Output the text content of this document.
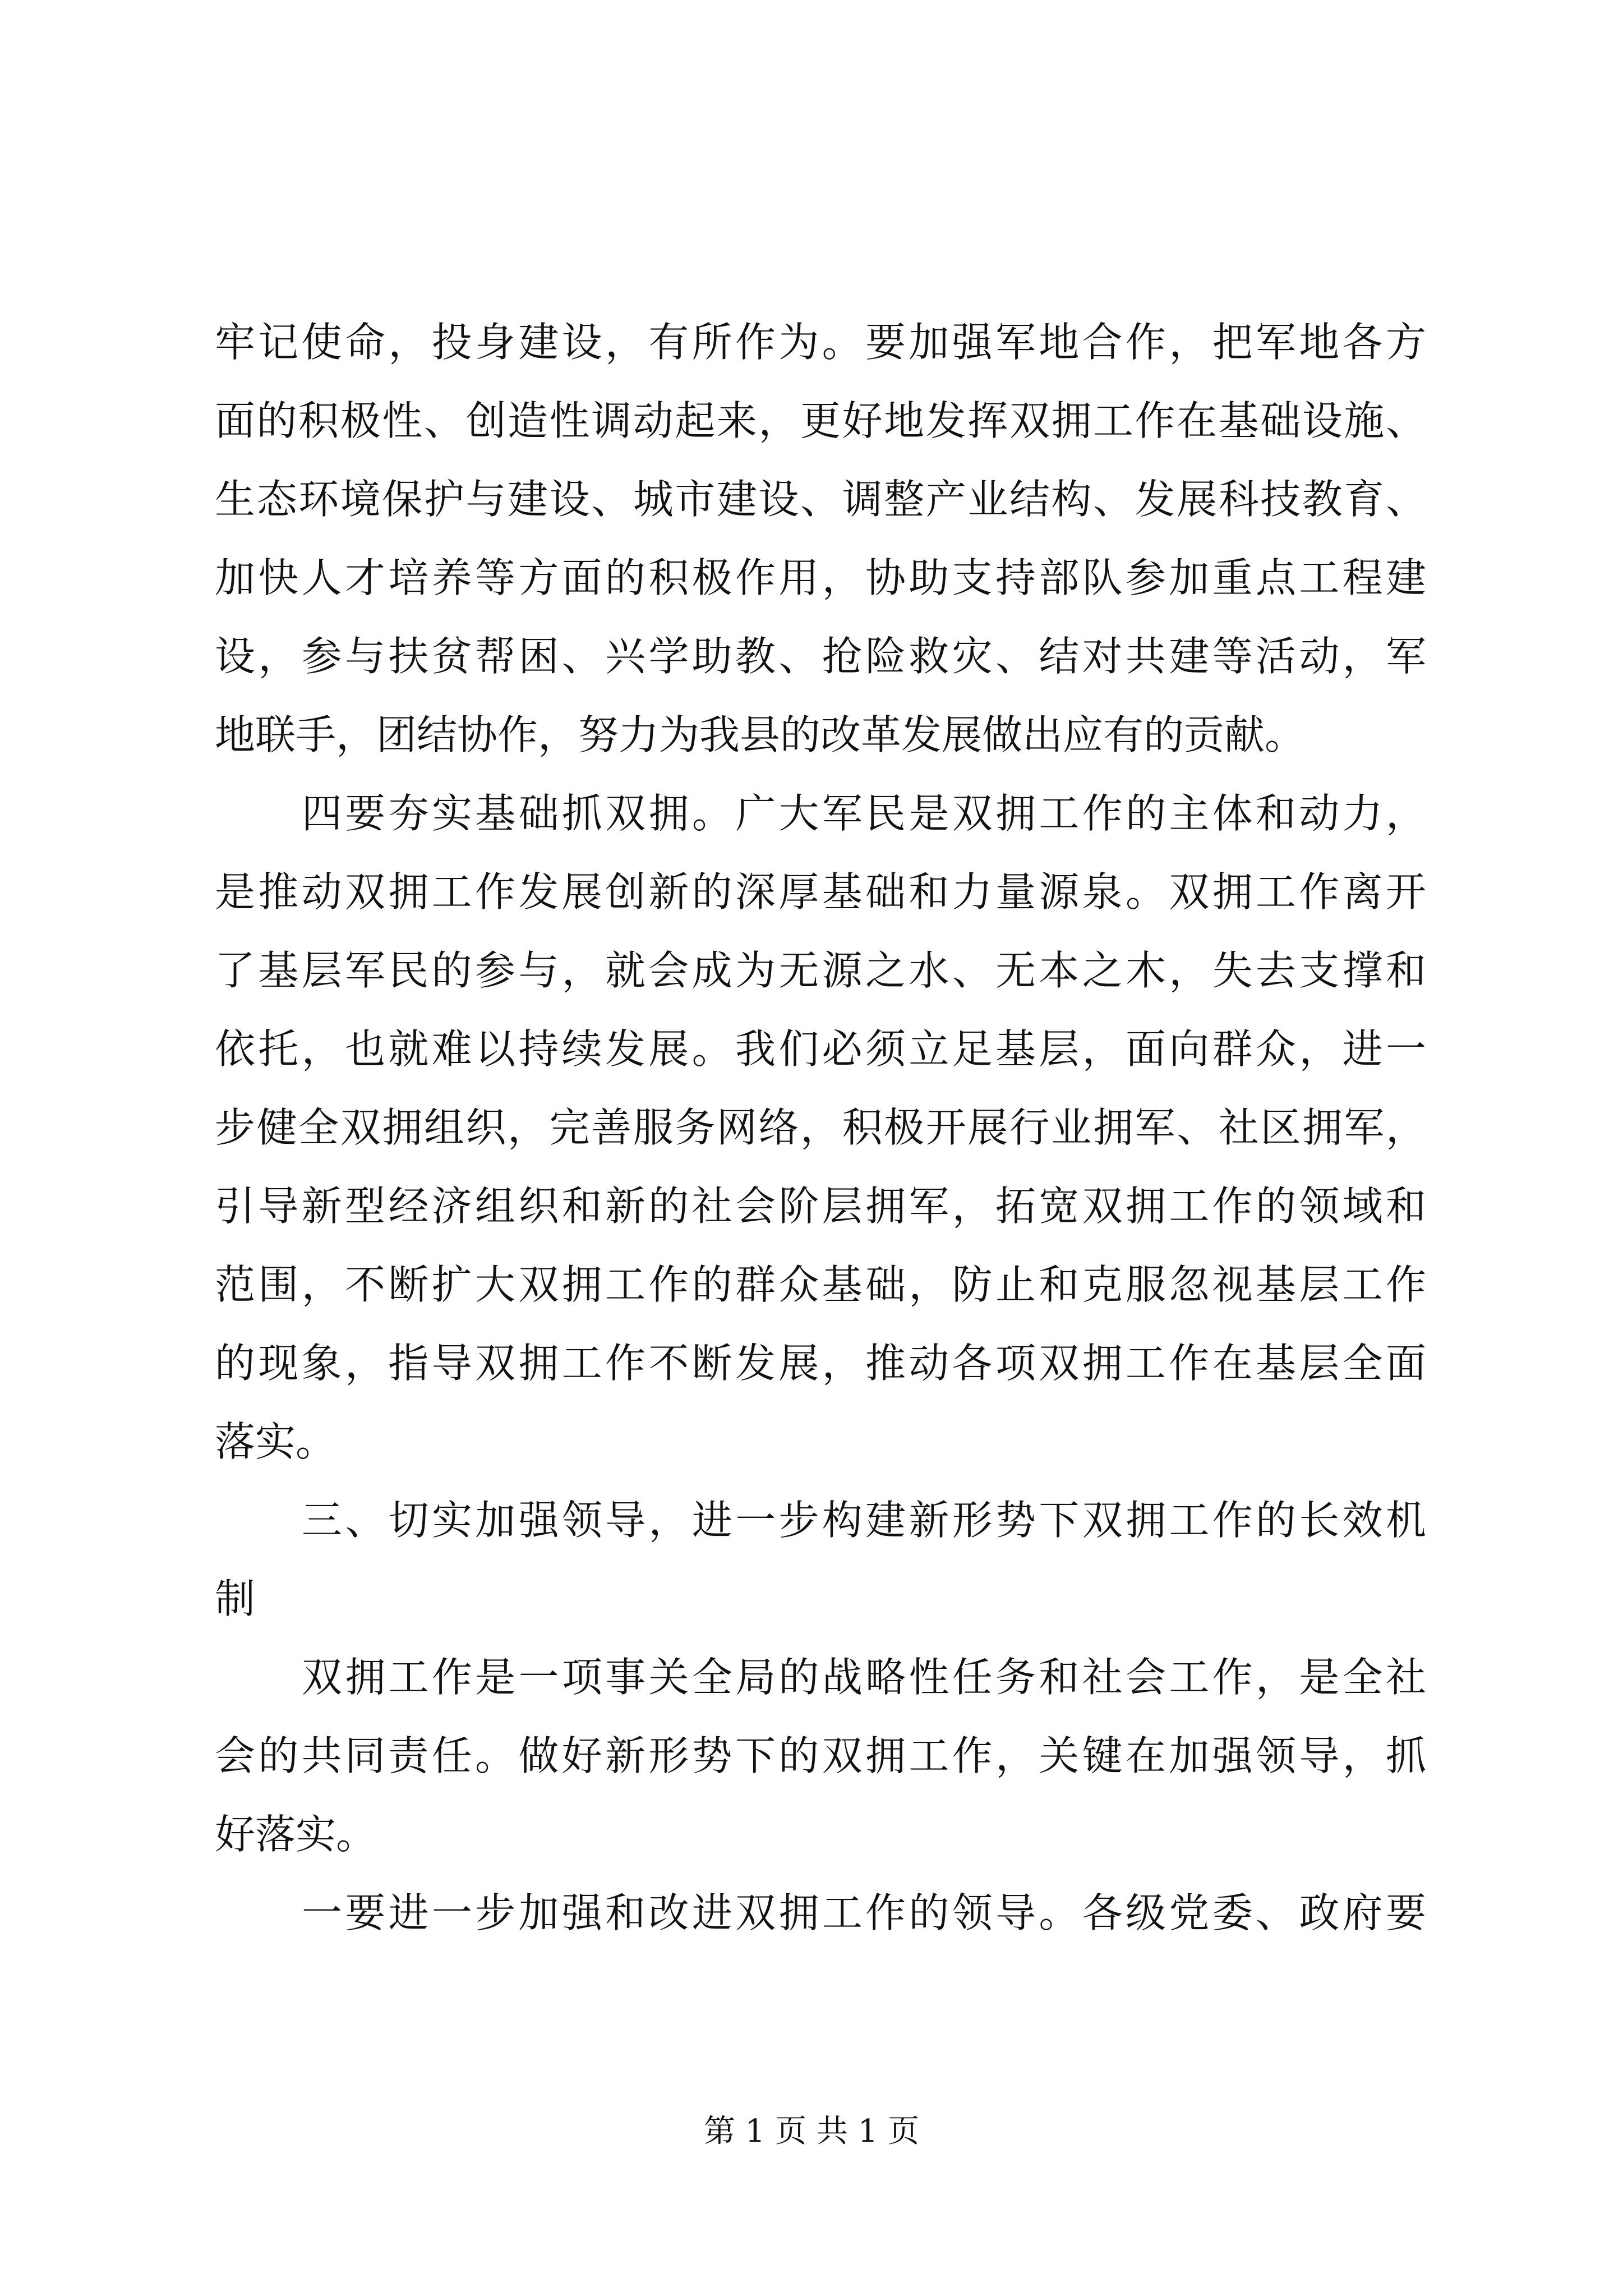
牢记使命，投身建设，有所作为。要加强军地合作，把军地各方
面的积极性、创造性调动起来，更好地发挥双拥工作在基础设施、
生态环境保护与建设、城市建设、调整产业结构、发展科技教育、
加快人才培养等方面的积极作用，协助支持部队参加重点工程建
设，参与扶贫帮困、兴学助教、抢险救灾、结对共建等活动，军
地联手，团结协作，努力为我县的改革发展做出应有的贡献。
四要夯实基础抓双拥。广大军民是双拥工作的主体和动力，
是推动双拥工作发展创新的深厚基础和力量源泉。双拥工作离开
了基层军民的参与，就会成为无源之水、无本之木，失去支撑和
依托，也就难以持续发展。我们必须立足基层，面向群众，进一
步健全双拥组织，完善服务网络，积极开展行业拥军、社区拥军，
引导新型经济组织和新的社会阶层拥军，拓宽双拥工作的领域和
范围，不断扩大双拥工作的群众基础，防止和克服忽视基层工作
的现象，指导双拥工作不断发展，推动各项双拥工作在基层全面
落实。
三、切实加强领导，进一步构建新形势下双拥工作的长效机
制
双拥工作是一项事关全局的战略性任务和社会工作，是全社
会的共同责任。做好新形势下的双拥工作，关键在加强领导，抓
好落实。
一要进一步加强和改进双拥工作的领导。各级党委、政府要
第 1 页 共 1 页
